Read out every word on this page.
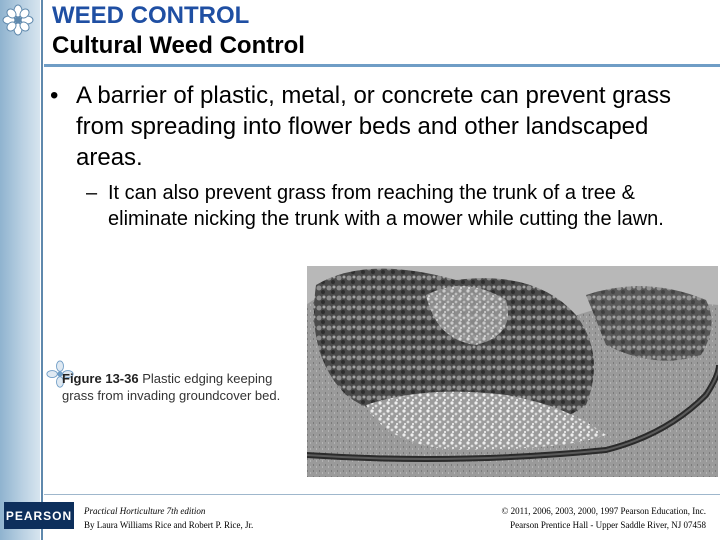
WEED CONTROL
Cultural Weed Control
• A barrier of plastic, metal, or concrete can prevent grass from spreading into flower beds and other landscaped areas.
– It can also prevent grass from reaching the trunk of a tree & eliminate nicking the trunk with a mower while cutting the lawn.
Figure 13-36 Plastic edging keeping grass from invading groundcover bed.
PEARSON Practical Horticulture 7th edition
By Laura Williams Rice and Robert P. Rice, Jr.
© 2011, 2006, 2003, 2000, 1997 Pearson Education, Inc.
Pearson Prentice Hall - Upper Saddle River, NJ 07458
